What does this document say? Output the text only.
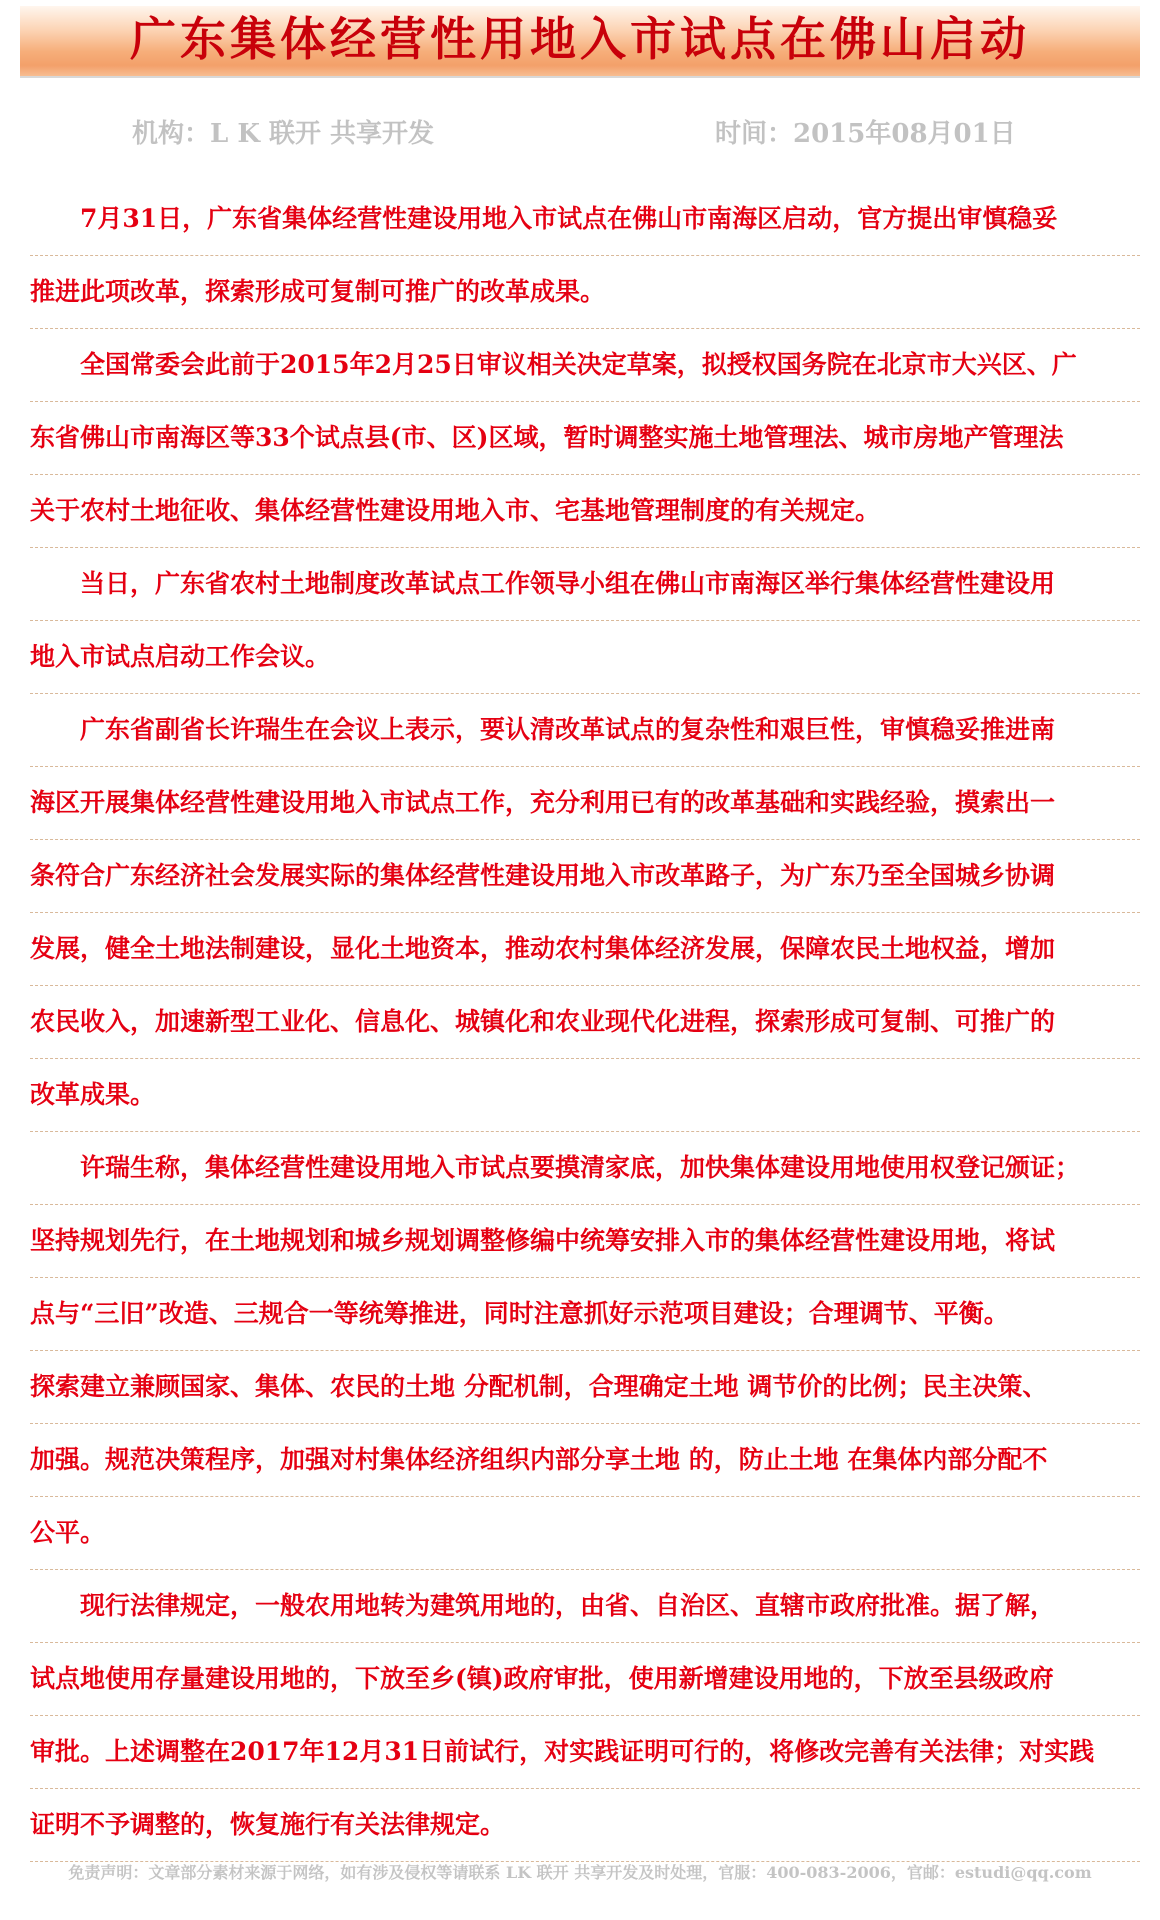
广东集体经营性用地入市试点在佛山启动
机构：L K 联开 共享开发	时间：2015年08月01日
7月31日，广东省集体经营性建设用地入市试点在佛山市南海区启动，官方提出审慎稳妥
推进此项改革，探索形成可复制可推广的改革成果。
全国常委会此前于2015年2月25日审议相关决定草案，拟授权国务院在北京市大兴区、广
东省佛山市南海区等33个试点县(市、区)区域，暂时调整实施土地管理法、城市房地产管理法
关于农村土地征收、集体经营性建设用地入市、宅基地管理制度的有关规定。
当日，广东省农村土地制度改革试点工作领导小组在佛山市南海区举行集体经营性建设用
地入市试点启动工作会议。
广东省副省长许瑞生在会议上表示，要认清改革试点的复杂性和艰巨性，审慎稳妥推进南
海区开展集体经营性建设用地入市试点工作，充分利用已有的改革基础和实践经验，摸索出一
条符合广东经济社会发展实际的集体经营性建设用地入市改革路子，为广东乃至全国城乡协调
发展，健全土地法制建设，显化土地资本，推动农村集体经济发展，保障农民土地权益，增加
农民收入，加速新型工业化、信息化、城镇化和农业现代化进程，探索形成可复制、可推广的
改革成果。
许瑞生称，集体经营性建设用地入市试点要摸清家底，加快集体建设用地使用权登记颁证；
坚持规划先行，在土地规划和城乡规划调整修编中统筹安排入市的集体经营性建设用地，将试
点与“三旧”改造、三规合一等统筹推进，同时注意抓好示范项目建设；合理调节、平衡。
探索建立兼顾国家、集体、农民的土地 分配机制，合理确定土地 调节价的比例；民主决策、
加强。规范决策程序，加强对村集体经济组织内部分享土地 的，防止土地 在集体内部分配不
公平。
现行法律规定，一般农用地转为建筑用地的，由省、自治区、直辖市政府批准。据了解，
试点地使用存量建设用地的，下放至乡(镇)政府审批，使用新增建设用地的，下放至县级政府
审批。上述调整在2017年12月31日前试行，对实践证明可行的，将修改完善有关法律；对实践
证明不予调整的，恢复施行有关法律规定。
免责声明：文章部分素材来源于网络，如有涉及侵权等请联系 LK 联开 共享开发及时处理，官服：400-083-2006，官邮：estudi@qq.com
